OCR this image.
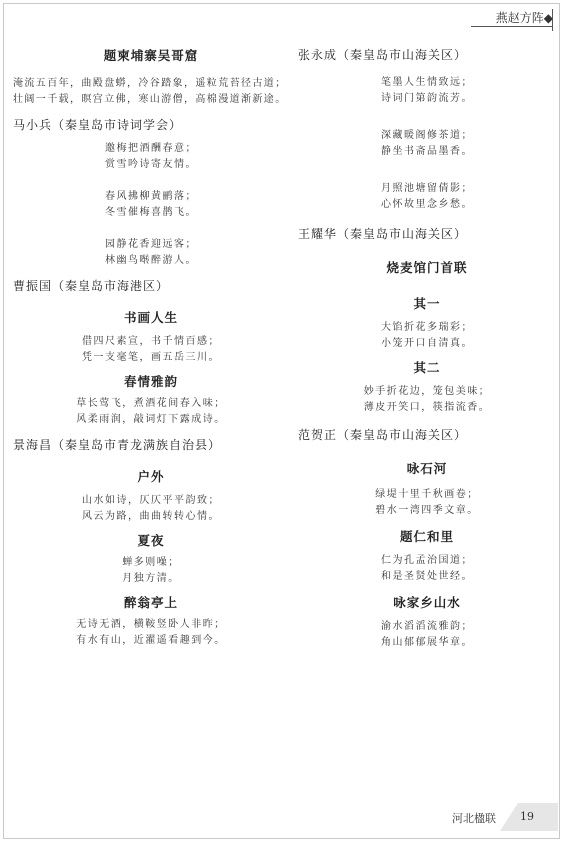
燕赵方阵◆

题柬埔寨吴哥窟

淹流五百年，曲殿盘蟒，冷谷踏象，遥粒荒苔径古道；

壮阔一千载，暝宫立佛，寒山游僧，高棉漫道渐新途。

马小兵（秦皇岛市诗词学会）

邀梅把酒酬春意；

赏雪吟诗寄友情。

春风拂柳黄鹂落；

冬雪催梅喜鹊飞。

园静花香迎远客；

林幽鸟啭醉游人。

曹振国（秦皇岛市海港区）

书画人生

借四尺素宣，书千情百感；

凭一支毫笔，画五岳三川。

春情雅韵

草长莺飞，煮酒花间春入味；

风柔雨润，敲词灯下露成诗。

景海昌（秦皇岛市青龙满族自治县）

户外

山水如诗，仄仄平平韵致；

风云为路，曲曲转转心情。

夏夜

蝉多则噪；

月独方清。

醉翁亭上

无诗无酒，横鞍竖卧人非昨；

有水有山，近濯遥看趣到今。

张永成（秦皇岛市山海关区）

笔墨人生情致远；

诗词门第韵流芳。

深藏暖阁修茶道；

静坐书斋品墨香。

月照池塘留倩影；

心怀故里念乡愁。

王耀华（秦皇岛市山海关区）

烧麦馆门首联

其一

大馅折花多瑞彩；

小笼开口自清真。

其二

妙手折花边，笼包美味；

薄皮开笑口，筷指流香。

范贺正（秦皇岛市山海关区）

咏石河

绿堤十里千秋画卷；

碧水一湾四季文章。

题仁和里

仁为孔孟治国道；

和是圣贤处世经。

咏家乡山水

渝水滔滔流雅韵；

角山郁郁展华章。

河北楹联 19
